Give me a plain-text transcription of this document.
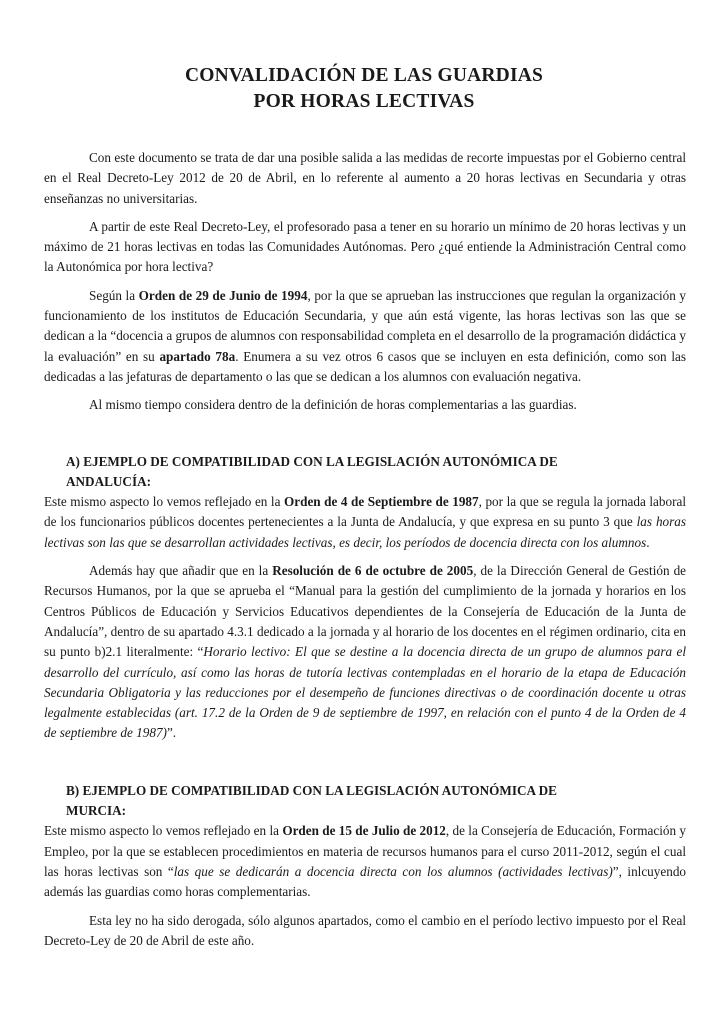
CONVALIDACIÓN DE LAS GUARDIAS
POR HORAS LECTIVAS

Con este documento se trata de dar una posible salida a las medidas de recorte impuestas por el Gobierno central en el Real Decreto-Ley 2012 de 20 de Abril, en lo referente al aumento a 20 horas lectivas en Secundaria y otras enseñanzas no universitarias.

A partir de este Real Decreto-Ley, el profesorado pasa a tener en su horario un mínimo de 20 horas lectivas y un máximo de 21 horas lectivas en todas las Comunidades Autónomas. Pero ¿qué entiende la Administración Central como la Autonómica por hora lectiva?

Según la Orden de 29 de Junio de 1994, por la que se aprueban las instrucciones que regulan la organización y funcionamiento de los institutos de Educación Secundaria, y que aún está vigente, las horas lectivas son las que se dedican a la “docencia a grupos de alumnos con responsabilidad completa en el desarrollo de la programación didáctica y la evaluación” en su apartado 78a. Enumera a su vez otros 6 casos que se incluyen en esta definición, como son las dedicadas a las jefaturas de departamento o las que se dedican a los alumnos con evaluación negativa.

Al mismo tiempo considera dentro de la definición de horas complementarias a las guardias.

A) EJEMPLO DE COMPATIBILIDAD CON LA LEGISLACIÓN AUTONÓMICA DE
ANDALUCÍA:

Este mismo aspecto lo vemos reflejado en la Orden de 4 de Septiembre de 1987, por la que se regula la jornada laboral de los funcionarios públicos docentes pertenecientes a la Junta de Andalucía, y que expresa en su punto 3 que las horas lectivas son las que se desarrollan actividades lectivas, es decir, los períodos de docencia directa con los alumnos.

Además hay que añadir que en la Resolución de 6 de octubre de 2005, de la Dirección General de Gestión de Recursos Humanos, por la que se aprueba el “Manual para la gestión del cumplimiento de la jornada y horarios en los Centros Públicos de Educación y Servicios Educativos dependientes de la Consejería de Educación de la Junta de Andalucía”, dentro de su apartado 4.3.1 dedicado a la jornada y al horario de los docentes en el régimen ordinario, cita en su punto b)2.1 literalmente: “Horario lectivo: El que se destine a la docencia directa de un grupo de alumnos para el desarrollo del currículo, así como las horas de tutoría lectivas contempladas en el horario de la etapa de Educación Secundaria Obligatoria y las reducciones por el desempeño de funciones directivas o de coordinación docente u otras legalmente establecidas (art. 17.2 de la Orden de 9 de septiembre de 1997, en relación con el punto 4 de la Orden de 4 de septiembre de 1987)”.

B) EJEMPLO DE COMPATIBILIDAD CON LA LEGISLACIÓN AUTONÓMICA DE
MURCIA:

Este mismo aspecto lo vemos reflejado en la Orden de 15 de Julio de 2012, de la Consejería de Educación, Formación y Empleo, por la que se establecen procedimientos en materia de recursos humanos para el curso 2011-2012, según el cual las horas lectivas son “las que se dedicarán a docencia directa con los alumnos (actividades lectivas)”, inlcuyendo además las guardias como horas complementarias.

Esta ley no ha sido derogada, sólo algunos apartados, como el cambio en el período lectivo impuesto por el Real Decreto-Ley de 20 de Abril de este año.
